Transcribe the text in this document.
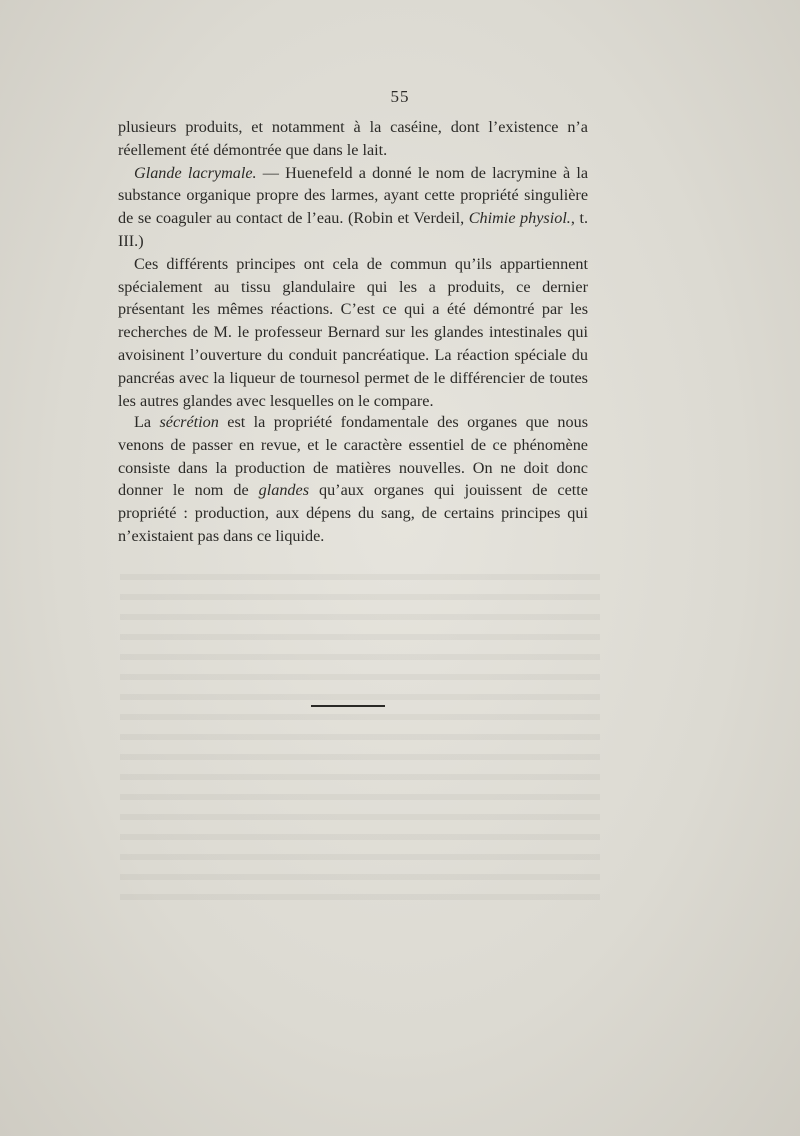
55

plusieurs produits, et notamment à la caséine, dont l’existence n’a réellement été démontrée que dans le lait.

Glande lacrymale. — Huenefeld a donné le nom de lacrymine à la substance organique propre des larmes, ayant cette propriété singulière de se coaguler au contact de l’eau. (Robin et Verdeil, Chimie physiol., t. III.)

Ces différents principes ont cela de commun qu’ils appartiennent spécialement au tissu glandulaire qui les a produits, ce dernier présentant les mêmes réactions. C’est ce qui a été démontré par les recherches de M. le professeur Bernard sur les glandes intestinales qui avoisinent l’ouverture du conduit pancréatique. La réaction spéciale du pancréas avec la liqueur de tournesol permet de le différencier de toutes les autres glandes avec lesquelles on le compare.

La sécrétion est la propriété fondamentale des organes que nous venons de passer en revue, et le caractère essentiel de ce phénomène consiste dans la production de matières nouvelles. On ne doit donc donner le nom de glandes qu’aux organes qui jouissent de cette propriété : production, aux dépens du sang, de certains principes qui n’existaient pas dans ce liquide.
